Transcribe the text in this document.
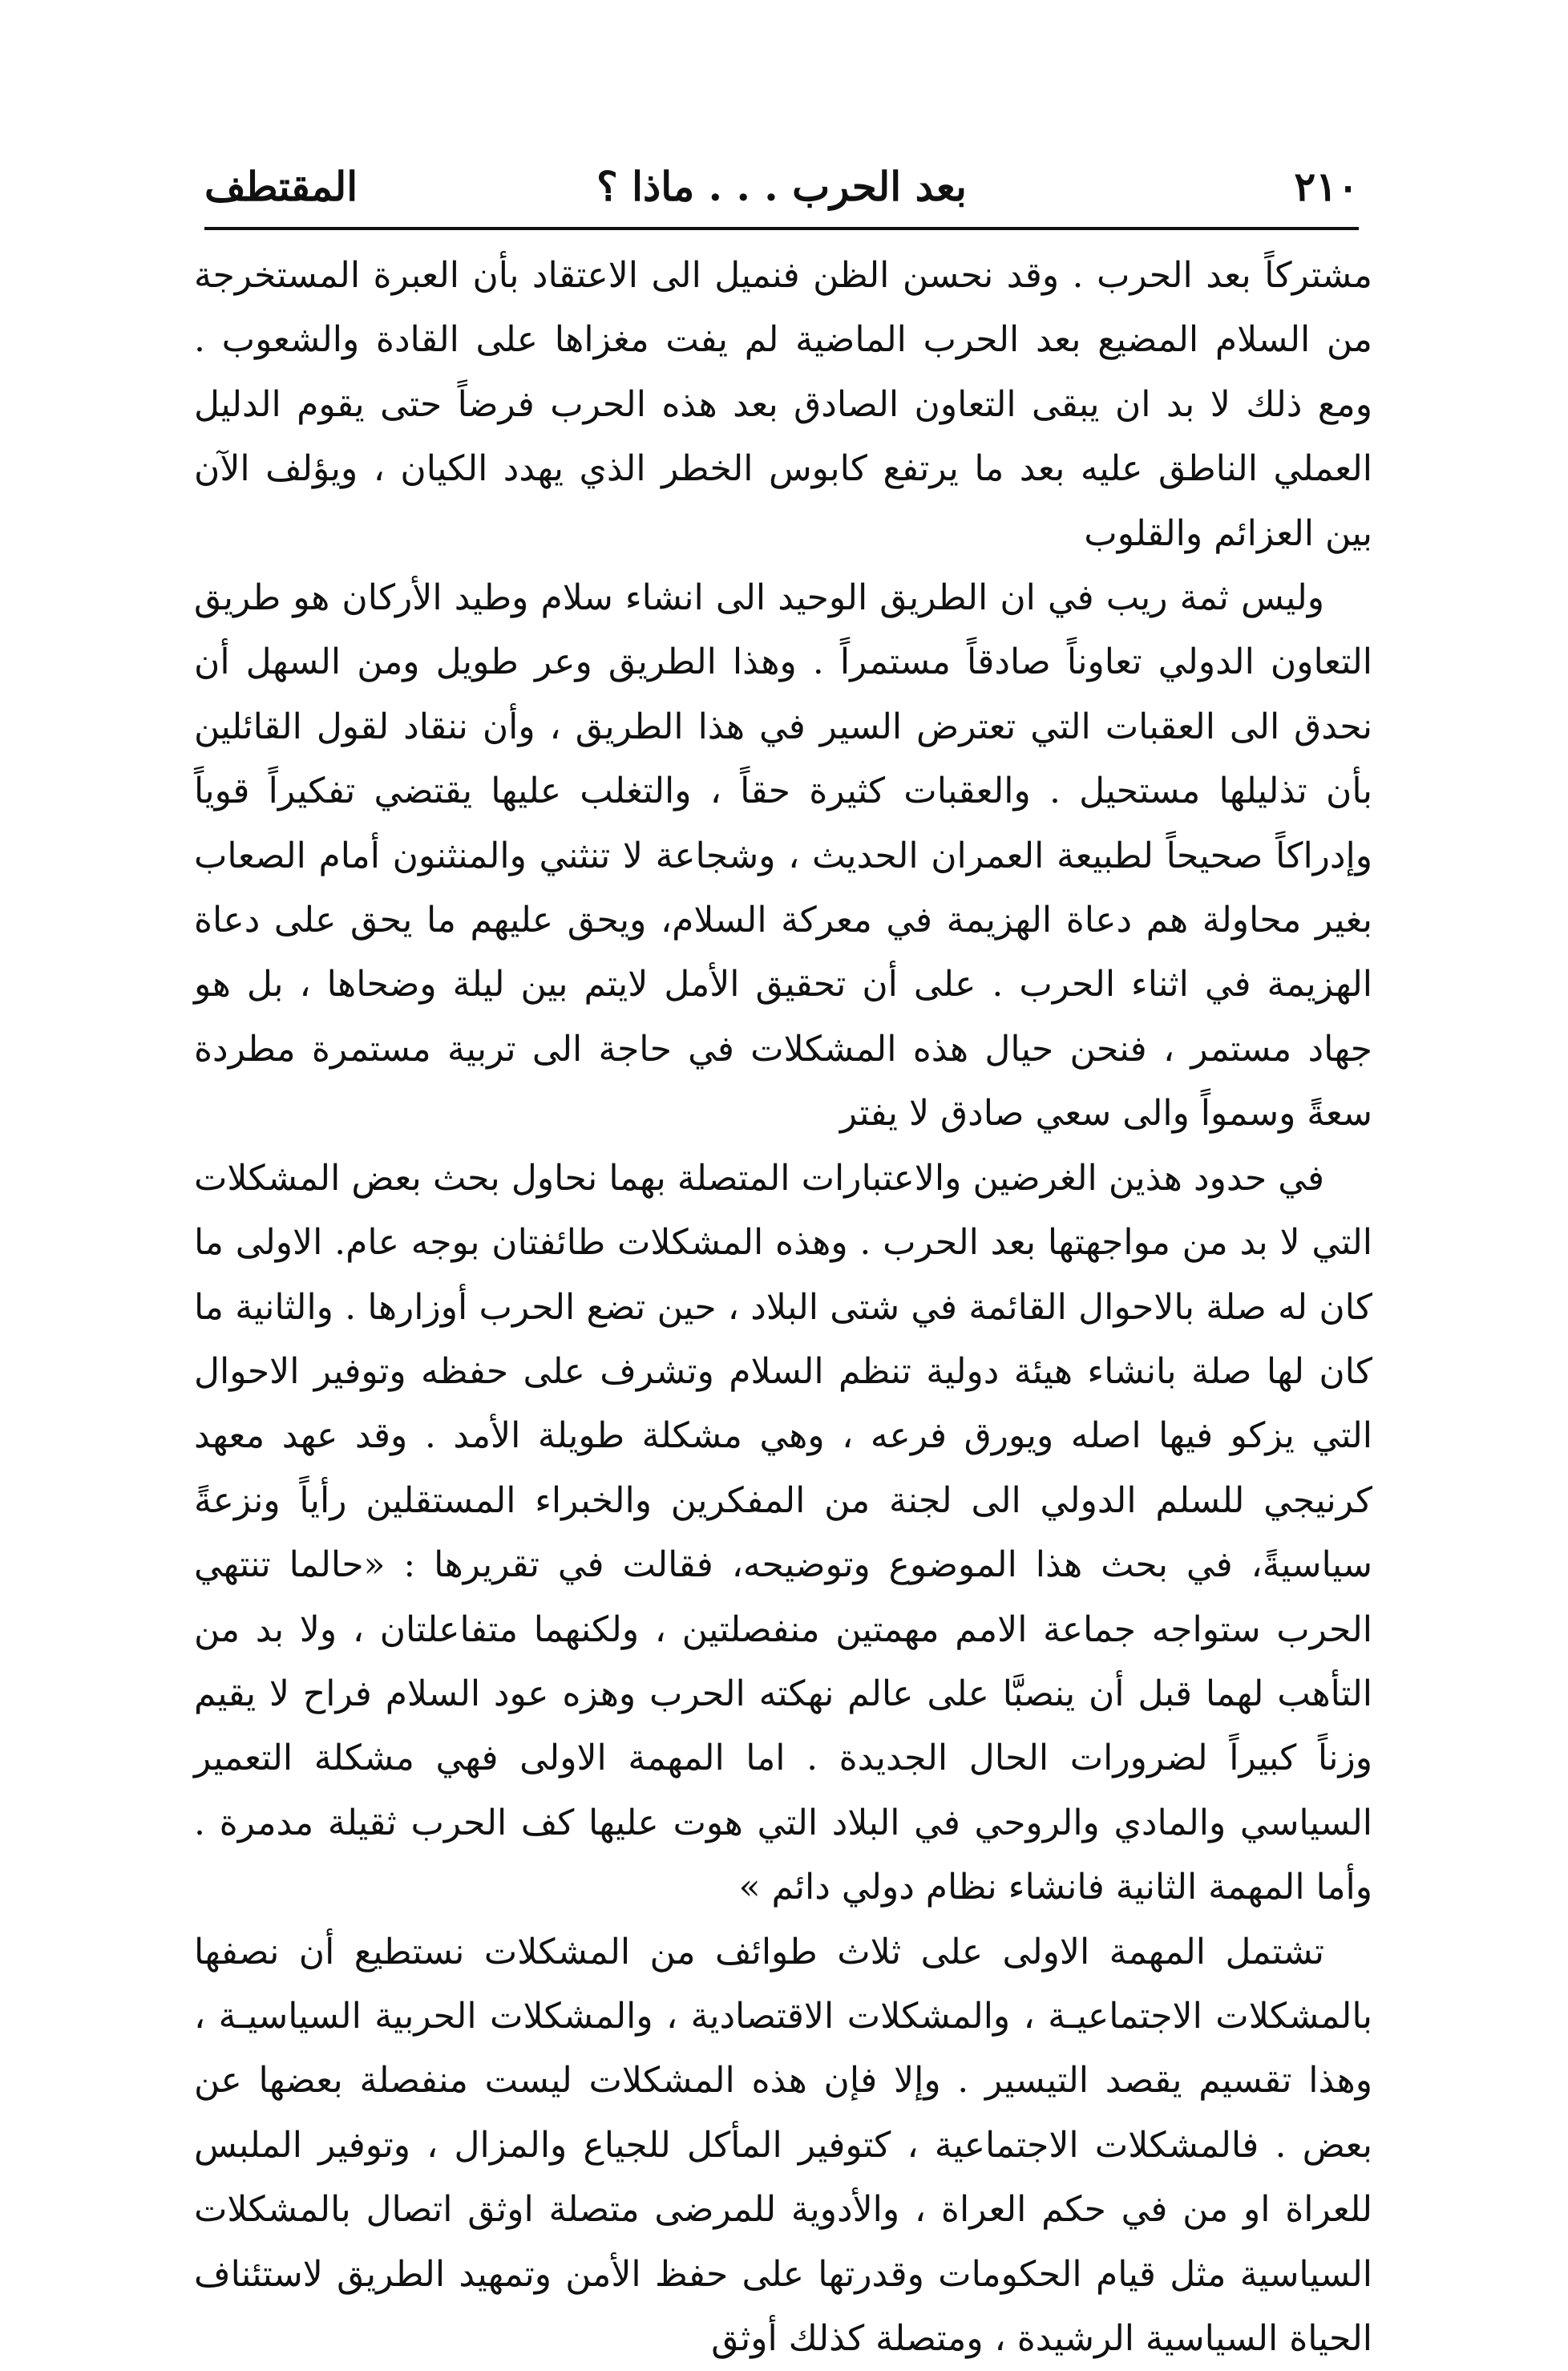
٢١٠
بعد الحرب . . . ماذا ؟
المقتطف

مشتركاً بعد الحرب . وقد نحسن الظن فنميل الى الاعتقاد بأن العبرة المستخرجة من السلام المضيع بعد الحرب الماضية لم يفت مغزاها على القادة والشعوب . ومع ذلك لا بد ان يبقى التعاون الصادق بعد هذه الحرب فرضاً حتى يقوم الدليل العملي الناطق عليه بعد ما يرتفع كابوس الخطر الذي يهدد الكيان ، ويؤلف الآن بين العزائم والقلوب

وليس ثمة ريب في ان الطريق الوحيد الى انشاء سلام وطيد الأركان هو طريق التعاون الدولي تعاوناً صادقاً مستمراً . وهذا الطريق وعر طويل ومن السهل أن نحدق الى العقبات التي تعترض السير في هذا الطريق ، وأن ننقاد لقول القائلين بأن تذليلها مستحيل . والعقبات كثيرة حقاً ، والتغلب عليها يقتضي تفكيراً قوياً وإدراكاً صحيحاً لطبيعة العمران الحديث ، وشجاعة لا تنثني والمنثنون أمام الصعاب بغير محاولة هم دعاة الهزيمة في معركة السلام، ويحق عليهم ما يحق على دعاة الهزيمة في اثناء الحرب . على أن تحقيق الأمل لايتم بين ليلة وضحاها ، بل هو جهاد مستمر ، فنحن حيال هذه المشكلات في حاجة الى تربية مستمرة مطردة سعةً وسمواً والى سعي صادق لا يفتر

في حدود هذين الغرضين والاعتبارات المتصلة بهما نحاول بحث بعض المشكلات التي لا بد من مواجهتها بعد الحرب . وهذه المشكلات طائفتان بوجه عام. الاولى ما كان له صلة بالاحوال القائمة في شتى البلاد ، حين تضع الحرب أوزارها . والثانية ما كان لها صلة بانشاء هيئة دولية تنظم السلام وتشرف على حفظه وتوفير الاحوال التي يزكو فيها اصله ويورق فرعه ، وهي مشكلة طويلة الأمد . وقد عهد معهد كرنيجي للسلم الدولي الى لجنة من المفكرين والخبراء المستقلين رأياً ونزعةً سياسيةً، في بحث هذا الموضوع وتوضيحه، فقالت في تقريرها : «حالما تنتهي الحرب ستواجه جماعة الامم مهمتين منفصلتين ، ولكنهما متفاعلتان ، ولا بد من التأهب لهما قبل أن ينصبَّا على عالم نهكته الحرب وهزه عود السلام فراح لا يقيم وزناً كبيراً لضرورات الحال الجديدة . اما المهمة الاولى فهي مشكلة التعمير السياسي والمادي والروحي في البلاد التي هوت عليها كف الحرب ثقيلة مدمرة . وأما المهمة الثانية فانشاء نظام دولي دائم »

تشتمل المهمة الاولى على ثلاث طوائف من المشكلات نستطيع أن نصفها بالمشكلات الاجتماعيـة ، والمشكلات الاقتصادية ، والمشكلات الحربية السياسيـة ، وهذا تقسيم يقصد التيسير . وإلا فإن هذه المشكلات ليست منفصلة بعضها عن بعض . فالمشكلات الاجتماعية ، كتوفير المأكل للجياع والمزال ، وتوفير الملبس للعراة او من في حكم العراة ، والأدوية للمرضى متصلة اوثق اتصال بالمشكلات السياسية مثل قيام الحكومات وقدرتها على حفظ الأمن وتمهيد الطريق لاستئناف الحياة السياسية الرشيدة ، ومتصلة كذلك أوثق
